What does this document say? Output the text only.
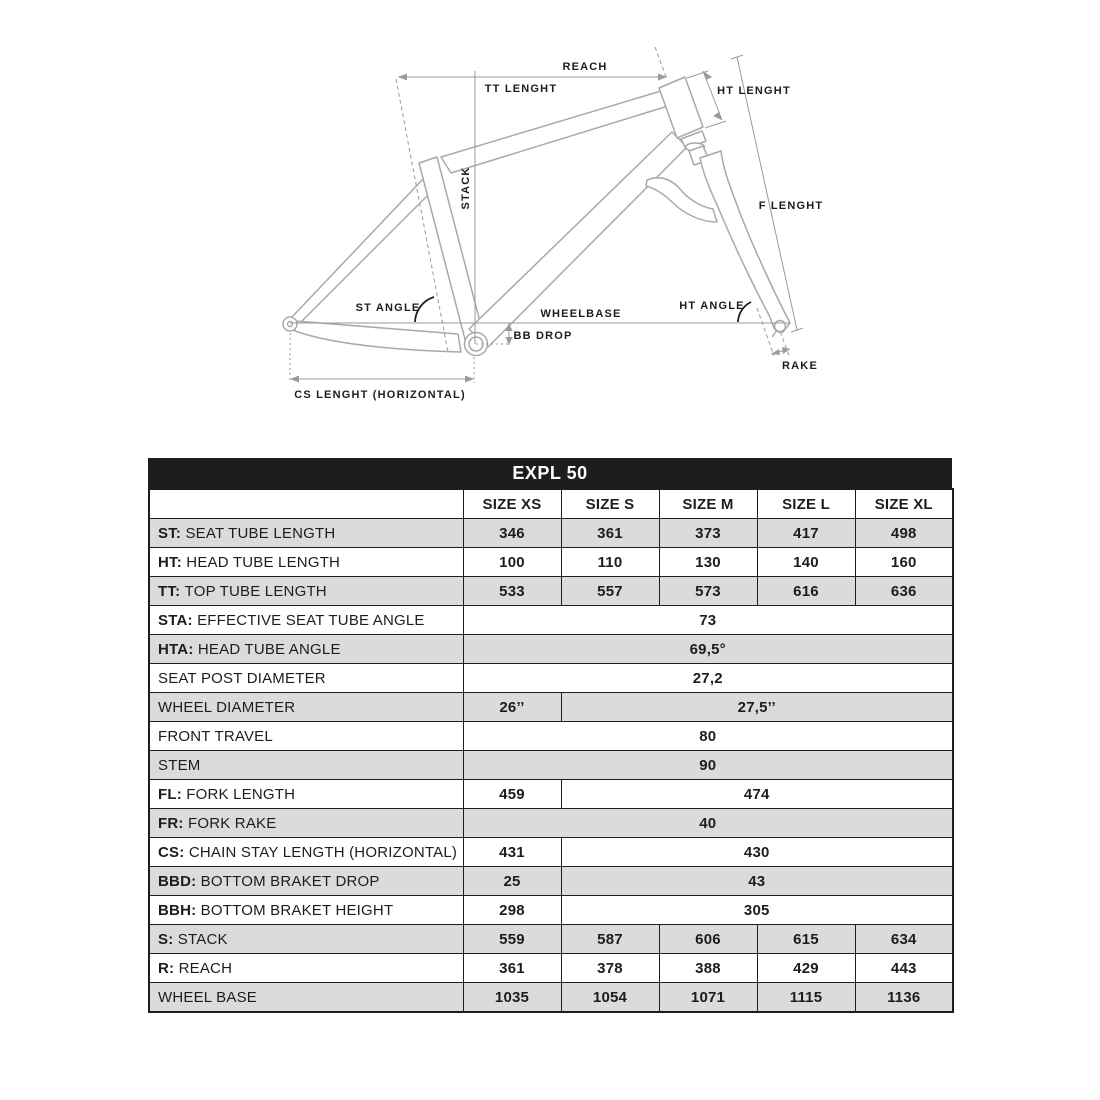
REACH
TT LENGHT	HT LENGHT
STACK	F LENGHT
ST ANGLE	WHEELBASE
BB DROP
HT ANGLE
RAKE
CS LENGHT (HORIZONTAL)
EXPL 50
	SIZE XS	SIZE S	SIZE M	SIZE L	SIZE XL
ST: SEAT TUBE LENGTH	346	361	373	417	498
HT: HEAD TUBE LENGTH	100	110	130	140	160
TT: TOP TUBE LENGTH	533	557	573	616	636
STA: EFFECTIVE SEAT TUBE ANGLE	73				
HTA: HEAD TUBE ANGLE	69,5°				
SEAT POST DIAMETER	27,2				
WHEEL DIAMETER	26’’	27,5’’			
FRONT TRAVEL	80				
STEM	90				
FL: FORK LENGTH	459	474			
FR: FORK RAKE	40				
CS: CHAIN STAY LENGTH (HORIZONTAL)	431	430			
BBD: BOTTOM BRAKET DROP	25	43			
BBH: BOTTOM BRAKET HEIGHT	298	305			
S: STACK	559	587	606	615	634
R: REACH	361	378	388	429	443
WHEEL BASE	1035	1054	1071	1115	1136
